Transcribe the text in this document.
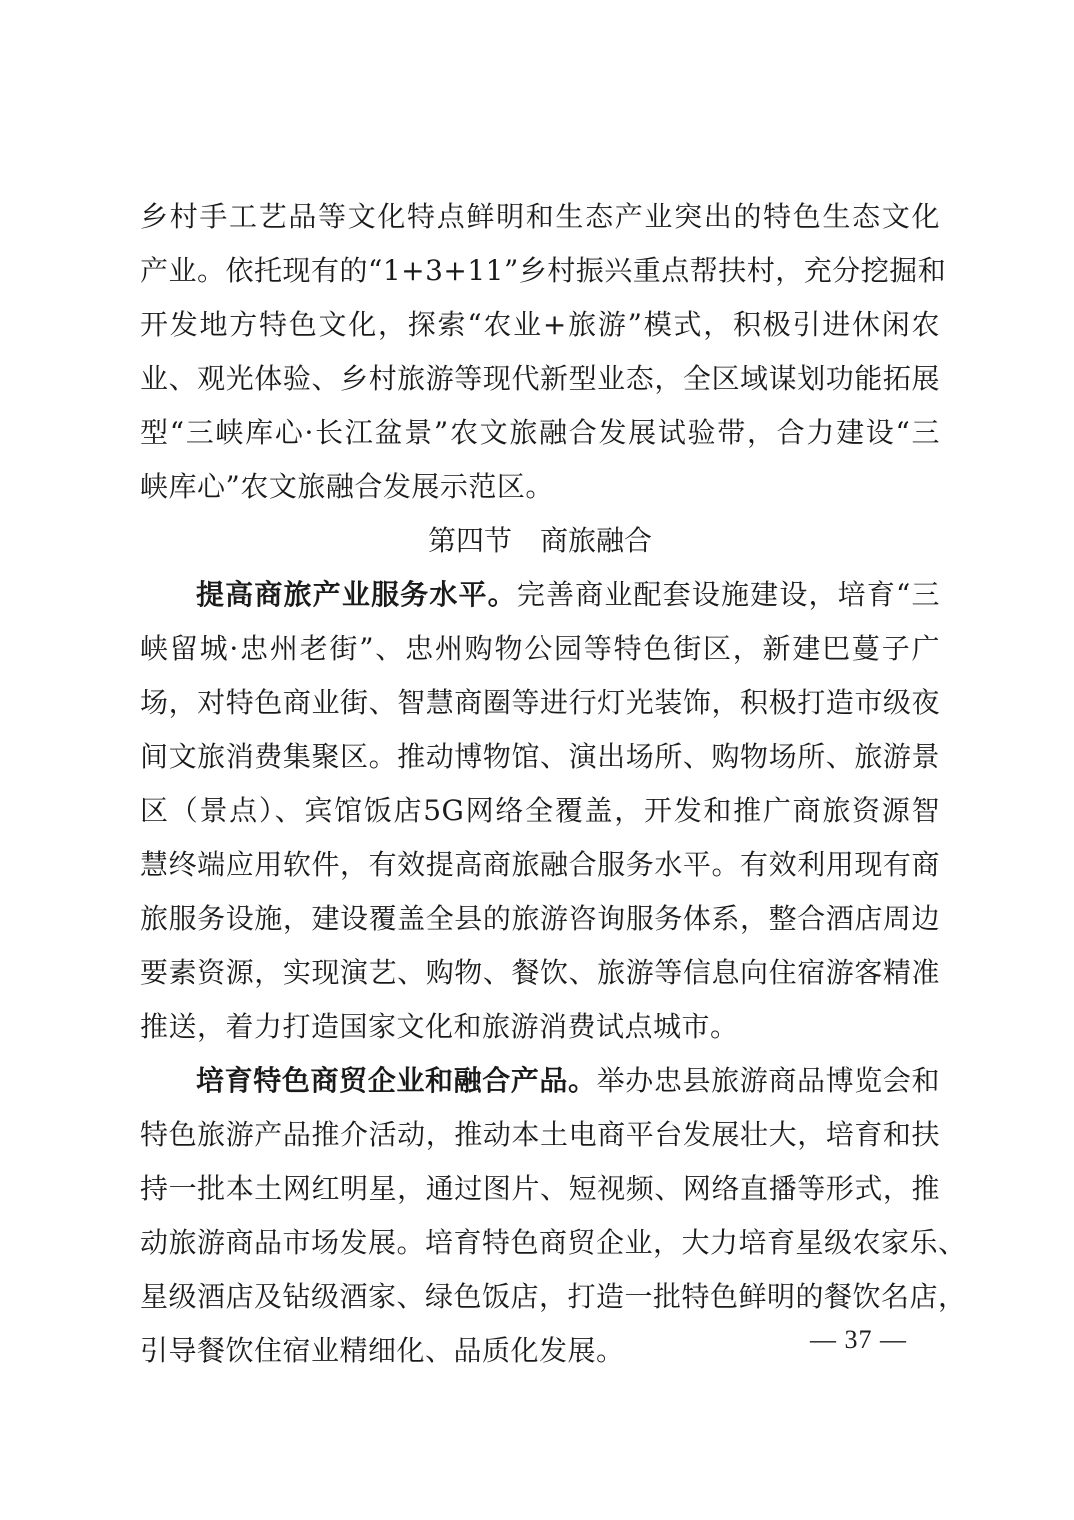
乡村手工艺品等文化特点鲜明和生态产业突出的特色生态文化
产业。依托现有的“1+3+11”乡村振兴重点帮扶村，充分挖掘和
开发地方特色文化，探索“农业+旅游”模式，积极引进休闲农
业、观光体验、乡村旅游等现代新型业态，全区域谋划功能拓展
型“三峡库心·长江盆景”农文旅融合发展试验带，合力建设“三
峡库心”农文旅融合发展示范区。
第四节　商旅融合
提高商旅产业服务水平。完善商业配套设施建设，培育“三
峡留城·忠州老街”、忠州购物公园等特色街区，新建巴蔓子广
场，对特色商业街、智慧商圈等进行灯光装饰，积极打造市级夜
间文旅消费集聚区。推动博物馆、演出场所、购物场所、旅游景
区（景点）、宾馆饭店5G网络全覆盖，开发和推广商旅资源智
慧终端应用软件，有效提高商旅融合服务水平。有效利用现有商
旅服务设施，建设覆盖全县的旅游咨询服务体系，整合酒店周边
要素资源，实现演艺、购物、餐饮、旅游等信息向住宿游客精准
推送，着力打造国家文化和旅游消费试点城市。
培育特色商贸企业和融合产品。举办忠县旅游商品博览会和
特色旅游产品推介活动，推动本土电商平台发展壮大，培育和扶
持一批本土网红明星，通过图片、短视频、网络直播等形式，推
动旅游商品市场发展。培育特色商贸企业，大力培育星级农家乐、
星级酒店及钻级酒家、绿色饭店，打造一批特色鲜明的餐饮名店，
引导餐饮住宿业精细化、品质化发展。	— 37 —
